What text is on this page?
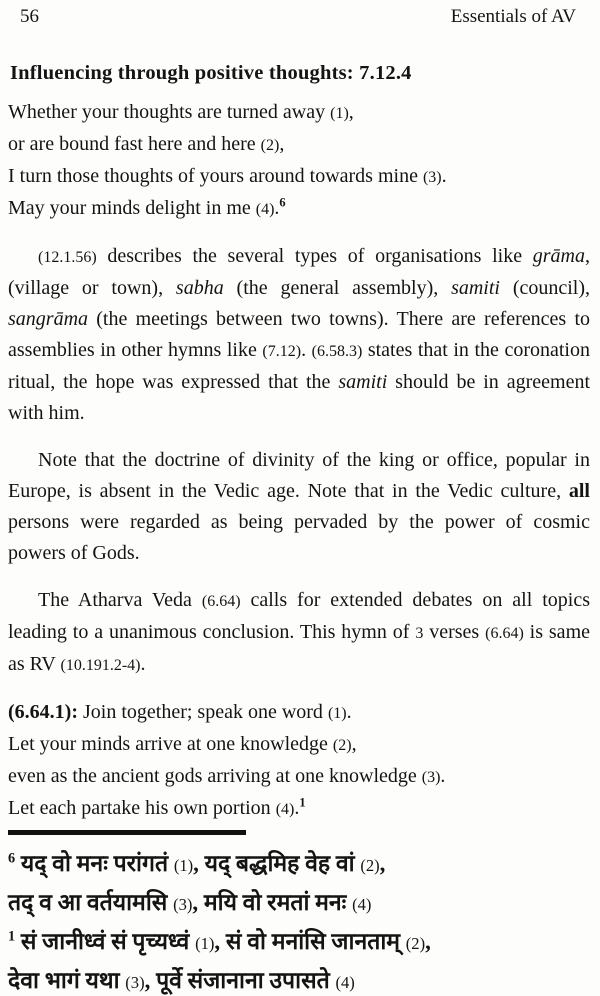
56	Essentials of AV
Influencing through positive thoughts: 7.12.4

Whether your thoughts are turned away (1),

or are bound fast here and here (2),

I turn those thoughts of yours around towards mine (3).

May your minds delight in me (4).$^6$

(12.1.56) describes the several types of organisations like grāma, (village or town), sabha (the general assembly), samiti (council), sangrāma (the meetings between two towns). There are references to assemblies in other hymns like (7.12). (6.58.3) states that in the coronation ritual, the hope was expressed that the samiti should be in agreement with him.

Note that the doctrine of divinity of the king or office, popular in Europe, is absent in the Vedic age. Note that in the Vedic culture, all persons were regarded as being pervaded by the power of cosmic powers of Gods.

The Atharva Veda (6.64) calls for extended debates on all topics leading to a unanimous conclusion. This hymn of 3 verses (6.64) is same as RV (10.191.2-4).

(6.64.1): Join together; speak one word (1).

Let your minds arrive at one knowledge (2),

even as the ancient gods arriving at one knowledge (3).

Let each partake his own portion (4).$^1$

$^6$ यद् वो मनः परांगतं (1), यद् बद्धमिह वेह वां (2),

तद् व आ वर्तयामसि (3), मयि वो रमतां मनः (4)

$^1$ सं जानीध्वं सं पृच्यध्वं (1), सं वो मनांसि जानताम् (2),

देवा भागं यथा (3), पूर्वे संजानाना उपासते (4)
